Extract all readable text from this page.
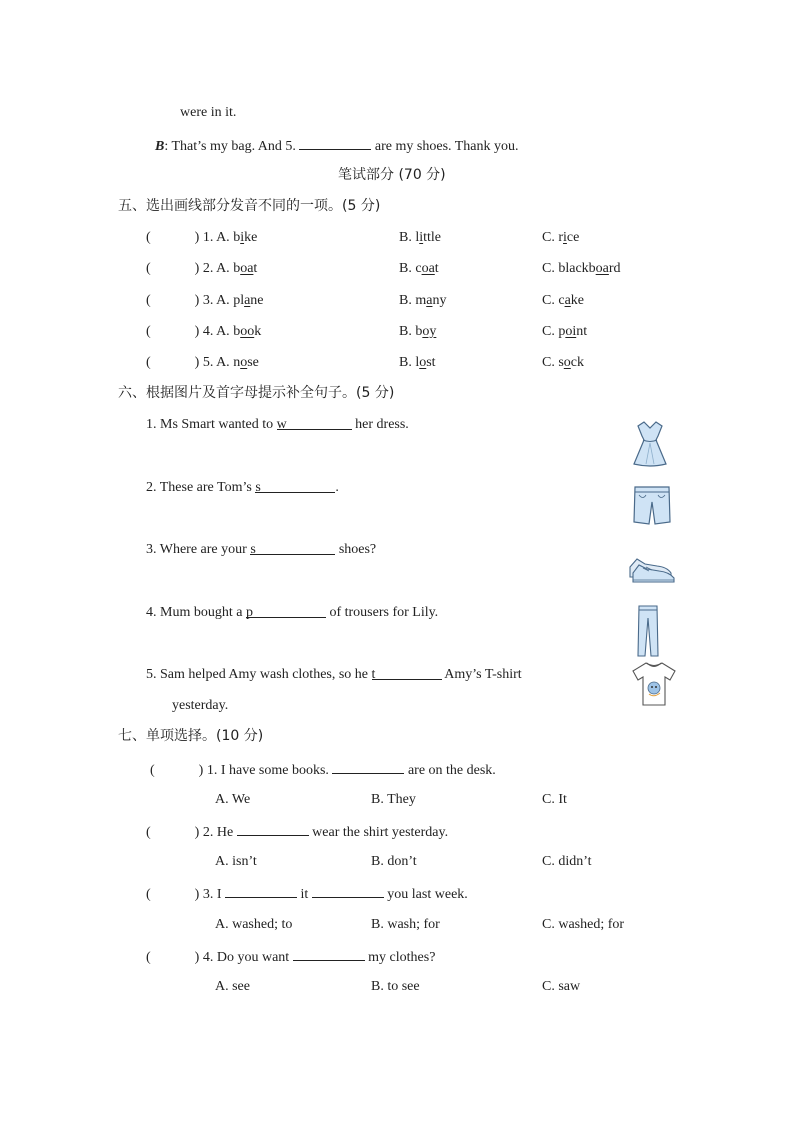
were in it.
B: That’s my bag. And 5.	are my shoes. Thank you.
笔试部分 (70 分)
五、选出画线部分发音不同的一项。(5 分)
(	) 1. A. bike	B. little	C. rice
(	) 2. A. boat	B. coat	C. blackboard
(	) 3. A. plane	B. many	C. cake
(	) 4. A. book	B. boy	C. point
(	) 5. A. nose	B. lost	C. sock
六、根据图片及首字母提示补全句子。(5 分)
1. Ms Smart wanted to w	her dress.
2. These are Tom’s s	.
3. Where are your s	shoes?
4. Mum bought a p	of trousers for Lily.
5. Sam helped Amy wash clothes, so he t	Amy’s T-shirt
yesterday.
七、单项选择。(10 分)
(	) 1. I have some books.	are on the desk.
A. We	B. They	C. It
(	) 2. He	wear the shirt yesterday.
A. isn’t	B. don’t	C. didn’t
(	) 3. I	it	you last week.
A. washed; to	B. wash; for	C. washed; for
(	) 4. Do you want	my clothes?
A. see	B. to see	C. saw
